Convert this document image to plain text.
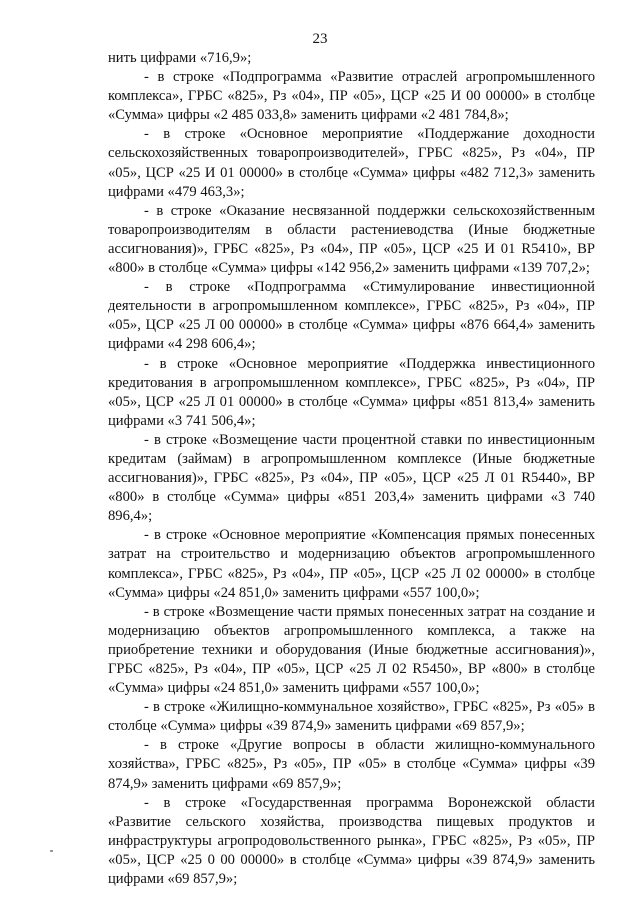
23

нить цифрами «716,9»;

- в строке «Подпрограмма «Развитие отраслей агропромышленного комплекса», ГРБС «825», Рз «04», ПР «05», ЦСР «25 И 00 00000» в столбце «Сумма» цифры «2 485 033,8» заменить цифрами «2 481 784,8»;

- в строке «Основное мероприятие «Поддержание доходности сельскохозяйственных товаропроизводителей», ГРБС «825», Рз «04», ПР «05», ЦСР «25 И 01 00000» в столбце «Сумма» цифры «482 712,3» заменить цифрами «479 463,3»;

- в строке «Оказание несвязанной поддержки сельскохозяйственным товаропроизводителям в области растениеводства (Иные бюджетные ассигнования)», ГРБС «825», Рз «04», ПР «05», ЦСР «25 И 01 R5410», ВР «800» в столбце «Сумма» цифры «142 956,2» заменить цифрами «139 707,2»;

- в строке «Подпрограмма «Стимулирование инвестиционной деятельности в агропромышленном комплексе», ГРБС «825», Рз «04», ПР «05», ЦСР «25 Л 00 00000» в столбце «Сумма» цифры «876 664,4» заменить цифрами «4 298 606,4»;

- в строке «Основное мероприятие «Поддержка инвестиционного кредитования в агропромышленном комплексе», ГРБС «825», Рз «04», ПР «05», ЦСР «25 Л 01 00000» в столбце «Сумма» цифры «851 813,4» заменить цифрами «3 741 506,4»;

- в строке «Возмещение части процентной ставки по инвестиционным кредитам (займам) в агропромышленном комплексе (Иные бюджетные ассигнования)», ГРБС «825», Рз «04», ПР «05», ЦСР «25 Л 01 R5440», ВР «800» в столбце «Сумма» цифры «851 203,4» заменить цифрами «3 740 896,4»;

- в строке «Основное мероприятие «Компенсация прямых понесенных затрат на строительство и модернизацию объектов агропромышленного комплекса», ГРБС «825», Рз «04», ПР «05», ЦСР «25 Л 02 00000» в столбце «Сумма» цифры «24 851,0» заменить цифрами «557 100,0»;

- в строке «Возмещение части прямых понесенных затрат на создание и модернизацию объектов агропромышленного комплекса, а также на приобретение техники и оборудования (Иные бюджетные ассигнования)», ГРБС «825», Рз «04», ПР «05», ЦСР «25 Л 02 R5450», ВР «800» в столбце «Сумма» цифры «24 851,0» заменить цифрами «557 100,0»;

- в строке «Жилищно-коммунальное хозяйство», ГРБС «825», Рз «05» в столбце «Сумма» цифры «39 874,9» заменить цифрами «69 857,9»;

- в строке «Другие вопросы в области жилищно-коммунального хозяйства», ГРБС «825», Рз «05», ПР «05» в столбце «Сумма» цифры «39 874,9» заменить цифрами «69 857,9»;

- в строке «Государственная программа Воронежской области «Развитие сельского хозяйства, производства пищевых продуктов и инфраструктуры агропродовольственного рынка», ГРБС «825», Рз «05», ПР «05», ЦСР «25 0 00 00000» в столбце «Сумма» цифры «39 874,9» заменить цифрами «69 857,9»;
